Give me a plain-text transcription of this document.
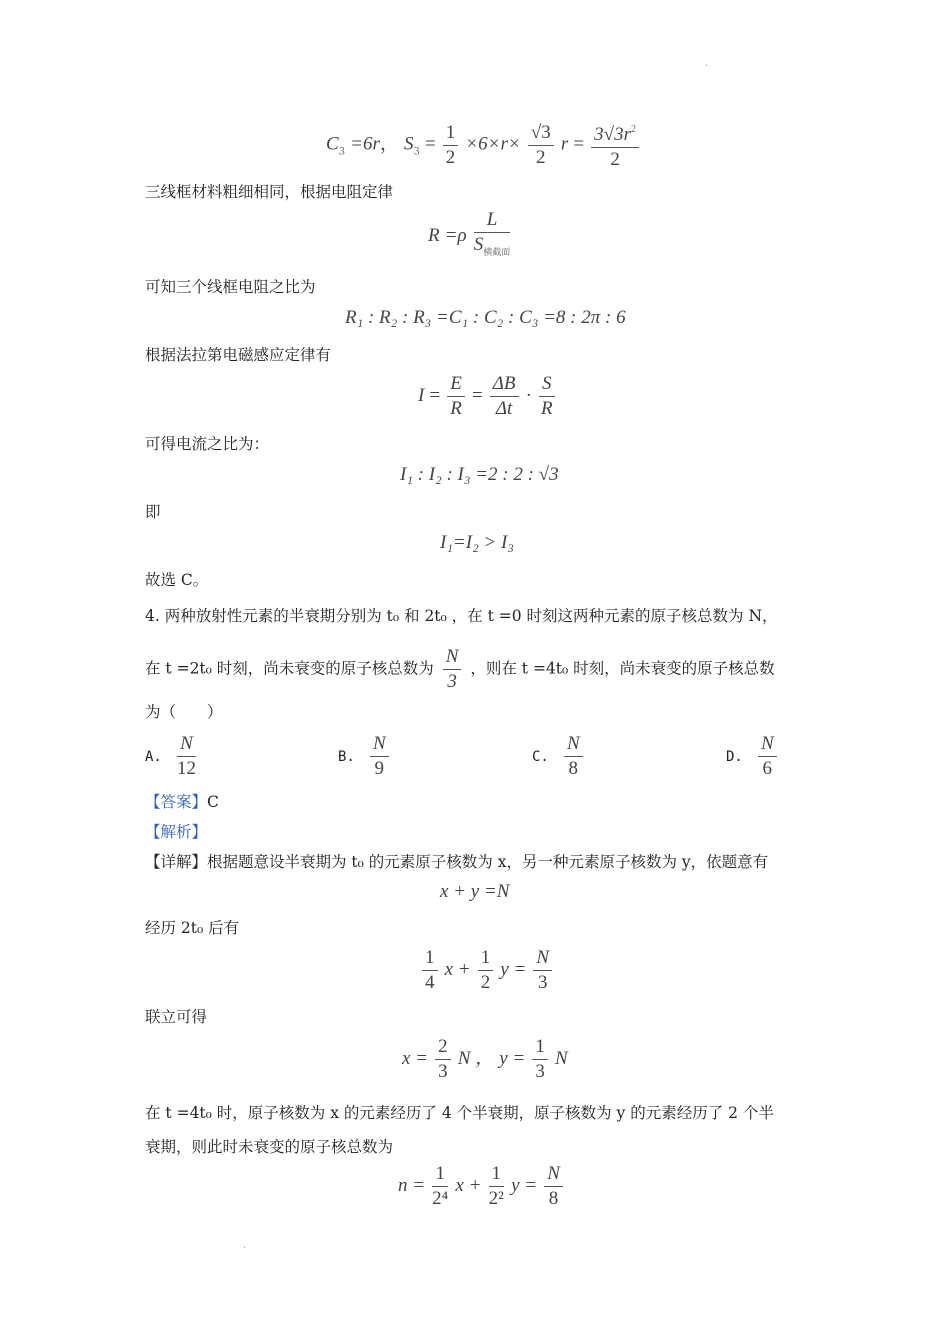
.
.
$C_3 =6r$， $S_3 = \frac{1}{2} \times 6\times r\times \frac{√3}{2}$ $r = \frac{3√3r^2}{2}$
三线框材料粗细相同，根据电阻定律
$R =\rho \frac{L}{S_{横截面}}$
可知三个线框电阻之比为
R₁ : R₂ : R₃ =C₁ : C₂ : C₃ =8 : 2π : 6
根据法拉第电磁感应定律有
$I = \frac{E}{R} = \frac{\Delta B}{\Delta t} \cdot \frac{S}{R}$
可得电流之比为：
I₁ : I₂ : I₃ =2 : 2 : √3
即
I₁=I₂ > I₃
故选 C。
4. 两种放射性元素的半衰期分别为 t₀ 和 2t₀ ，在 t =0 时刻这两种元素的原子核总数为 N，
在 t =2t₀ 时刻，尚未衰变的原子核总数为 $\frac{N}{3}$ ，则在 t =4t₀ 时刻，尚未衰变的原子核总数
为（　　）
A. $\frac{N}{12}$	B. $\frac{N}{9}$	C. $\frac{N}{8}$	D. $\frac{N}{6}$
【答案】C
【解析】
【详解】根据题意设半衰期为 t₀ 的元素原子核数为 x，另一种元素原子核数为 y，依题意有
x + y =N
经历 2t₀ 后有
$\frac{1}{4}$ $x + \frac{1}{2}$ $y = \frac{N}{3}$
联立可得
$x = \frac{2}{3}$ N ， $y = \frac{1}{3}$ N
在 t =4t₀ 时，原子核数为 x 的元素经历了 4 个半衰期，原子核数为 y 的元素经历了 2 个半
衰期，则此时未衰变的原子核总数为
$n = \frac{1}{\text{2⁴}}$ $x + \frac{1}{\text{2²}}$ $y = \frac{N}{8}$
